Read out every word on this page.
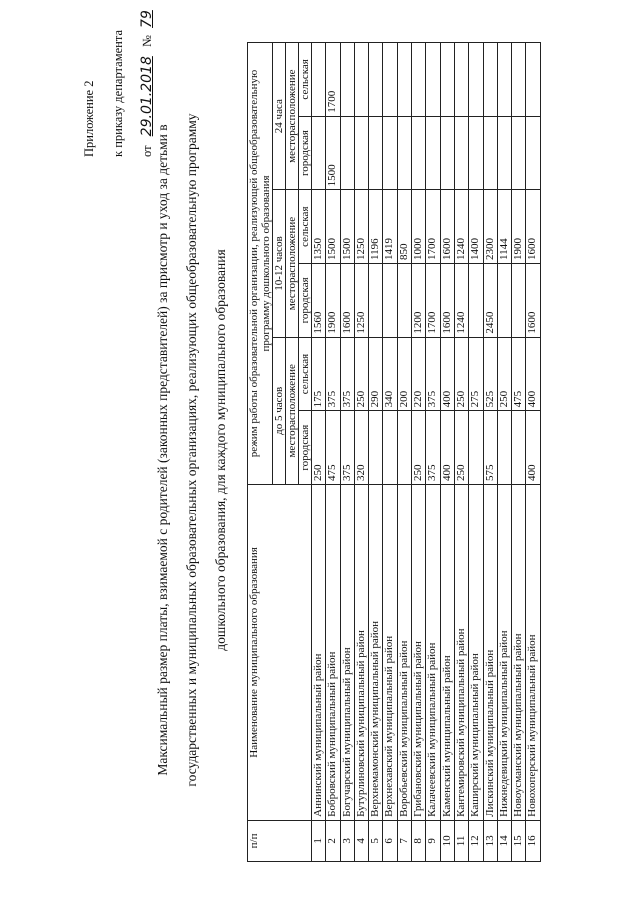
Приложение 2 к приказу департамента от 29.01.2018 № 79
Максимальный размер платы, взимаемой с родителей (законных представителей) за присмотр и уход за детьми в	государственных и муниципальных образовательных организациях, реализующих общеобразовательную программу	дошкольного образования, для каждого муниципального образования
п/п	Наименование муниципального образования	режим работы образовательной организации, реализующей общеобразовательную программу дошкольного образования					
		до 5 часов		10-12 часов		24 часа	
		месторасположение		месторасположение		месторасположение	
		городская	сельская	городская	сельская	городская	сельская
1	Аннинский муниципальный район	250	175	1560	1350		
2	Бобровский муниципальный район	475	375	1900	1500	1500	1700
3	Богучарский муниципальный район	375	375	1600	1500		
4	Бутурлиновский муниципальный район	320	250	1250	1250		
5	Верхнемамонский муниципальный район		290		1196		
6	Верхнехавский муниципальный район		340		1419		
7	Воробьевский муниципальный район		200		850		
8	Грибановский муниципальный район	250	220	1200	1000		
9	Калачеевский муниципальный район	375	375	1700	1700		
10	Каменский муниципальный район	400	400	1600	1600		
11	Кантемировский муниципальный район	250	250	1240	1240		
12	Каширский муниципальный район		275		1400		
13	Лискинский муниципальный район	575	525	2450	2300		
14	Нижнедевицкий муниципальный район		250		1144		
15	Новоусманский муниципальный район		475		1900		
16	Новохоперский муниципальный район	400	400	1600	1600		
